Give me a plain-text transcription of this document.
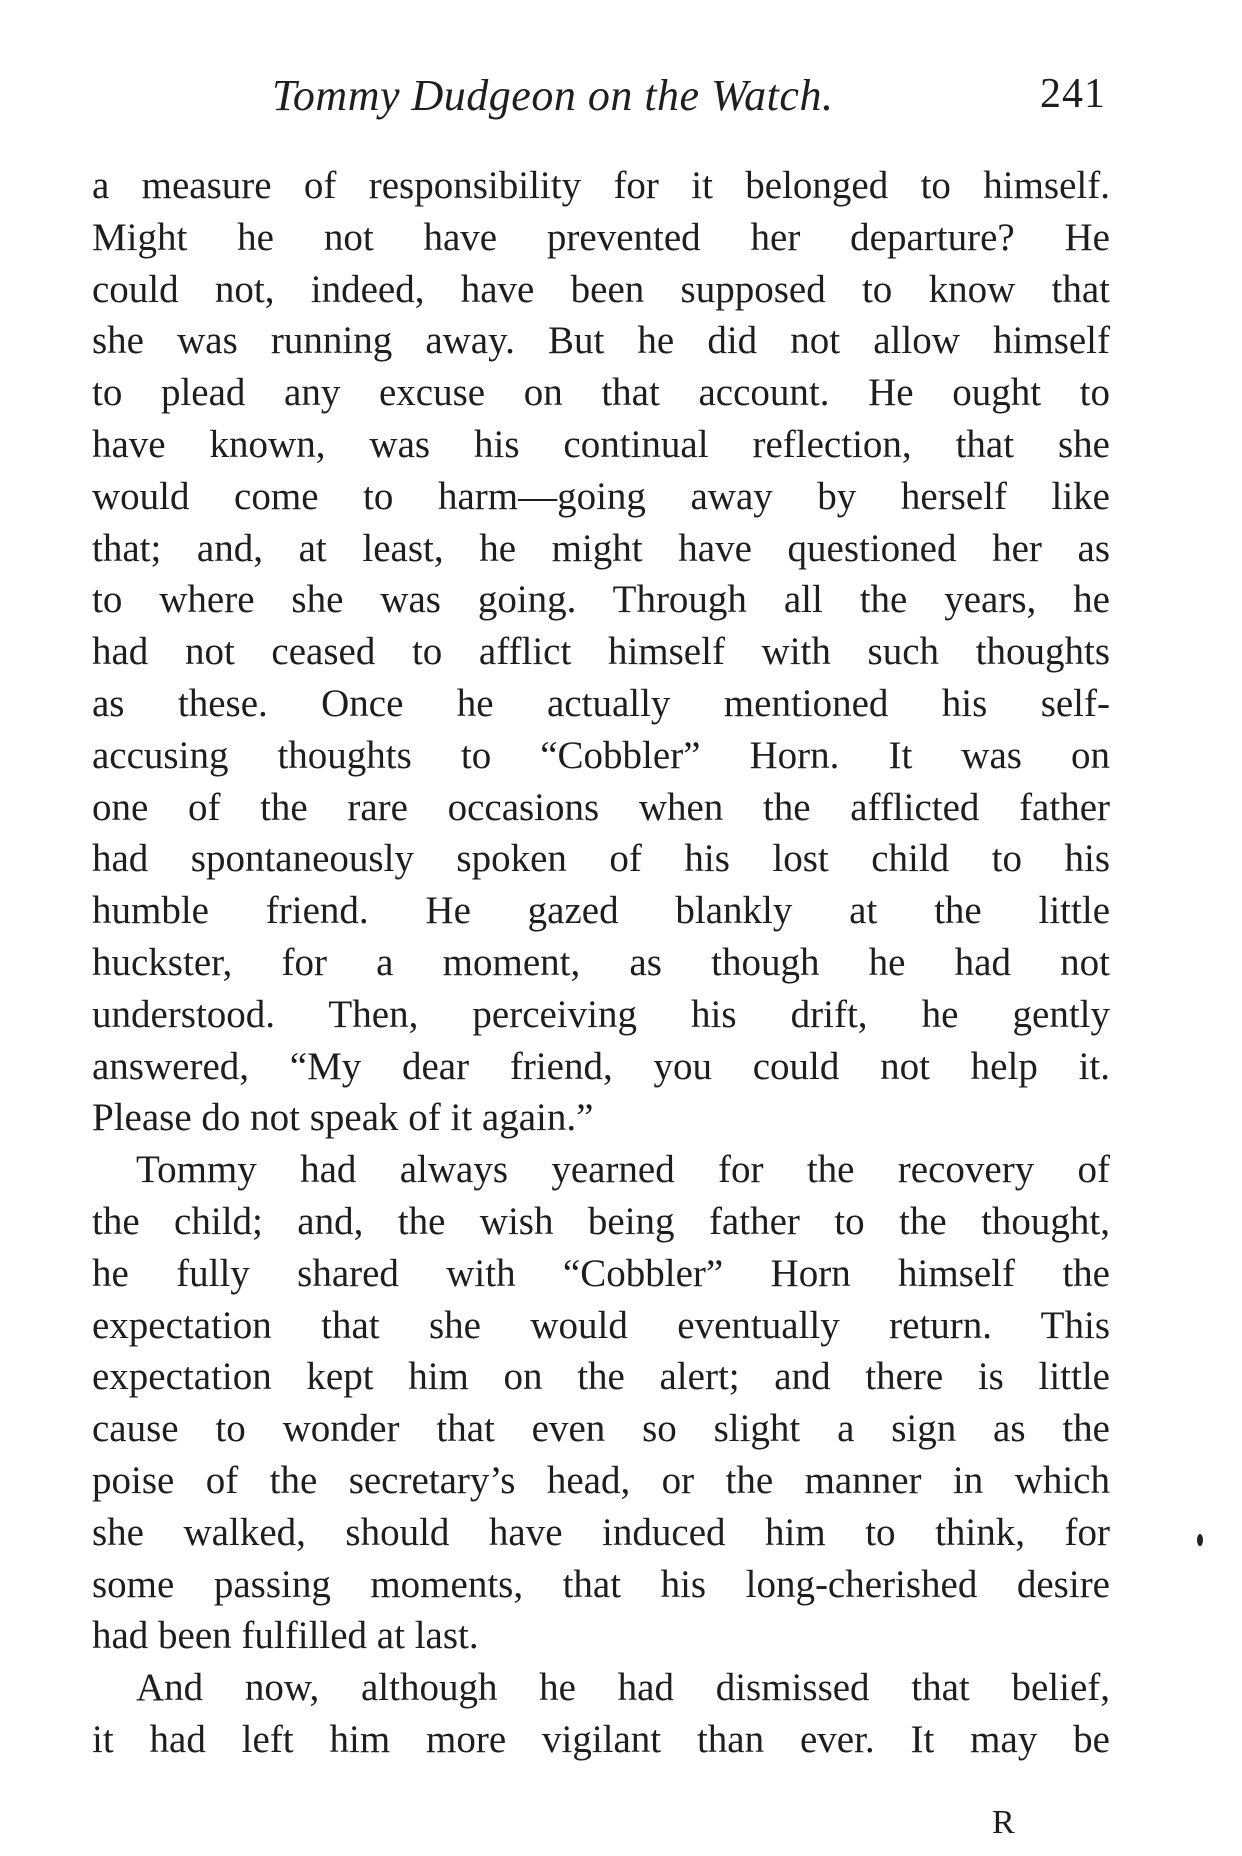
Tommy Dudgeon on the Watch.	241
a measure of responsibility for it belonged to himself.
Might he not have prevented her departure? He
could not, indeed, have been supposed to know that
she was running away. But he did not allow himself
to plead any excuse on that account. He ought to
have known, was his continual reflection, that she
would come to harm—going away by herself like
that; and, at least, he might have questioned her as
to where she was going. Through all the years, he
had not ceased to afflict himself with such thoughts
as these. Once he actually mentioned his self-
accusing thoughts to “Cobbler” Horn. It was on
one of the rare occasions when the afflicted father
had spontaneously spoken of his lost child to his
humble friend. He gazed blankly at the little
huckster, for a moment, as though he had not
understood. Then, perceiving his drift, he gently
answered, “My dear friend, you could not help it.
Please do not speak of it again.”
Tommy had always yearned for the recovery of
the child; and, the wish being father to the thought,
he fully shared with “Cobbler” Horn himself the
expectation that she would eventually return. This
expectation kept him on the alert; and there is little
cause to wonder that even so slight a sign as the
poise of the secretary’s head, or the manner in which
she walked, should have induced him to think, for
some passing moments, that his long-cherished desire
had been fulfilled at last.
And now, although he had dismissed that belief,
it had left him more vigilant than ever. It may be
R
